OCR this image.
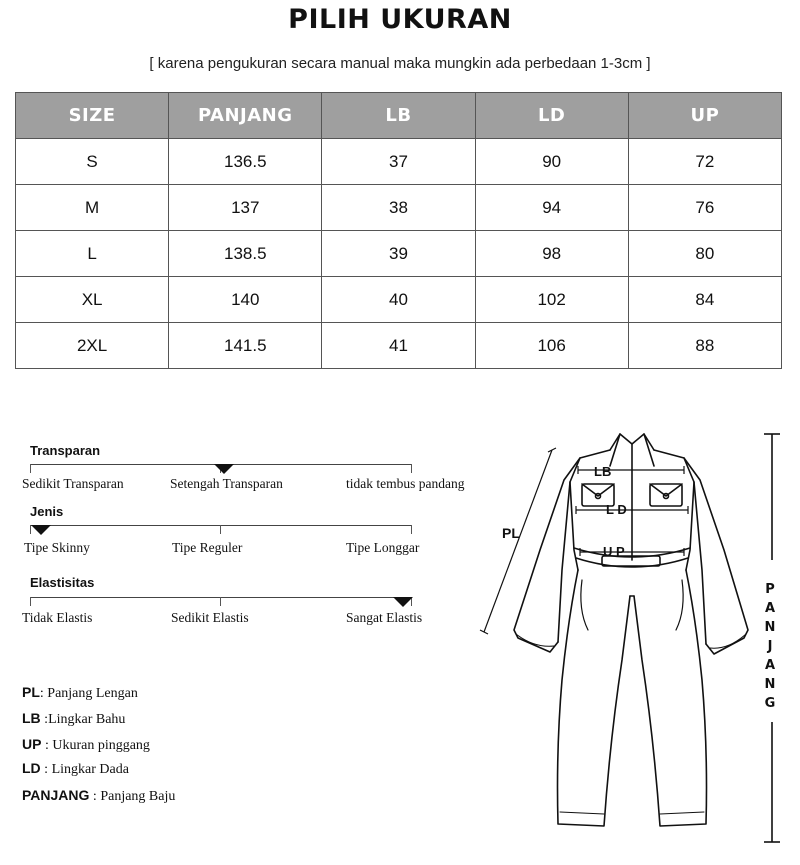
PILIH UKURAN
[ karena pengukuran secara manual maka mungkin ada perbedaan 1-3cm ]
SIZE	PANJANG	LB	LD	UP
S	136.5	37	90	72
M	137	38	94	76
L	138.5	39	98	80
XL	140	40	102	84
2XL	141.5	41	106	88
Transparan
Sedikit Transparan	Setengah Transparan	tidak tembus pandang
Jenis
Tipe Skinny	Tipe Reguler	Tipe Longgar
Elastisitas
Tidak Elastis	Sedikit Elastis	Sangat Elastis
PL: Panjang Lengan
LB :Lingkar Bahu
UP : Ukuran pinggang
LD : Lingkar Dada
PANJANG : Panjang Baju
LB
L D
U P
PL
P
A
N
J
A
N
G
